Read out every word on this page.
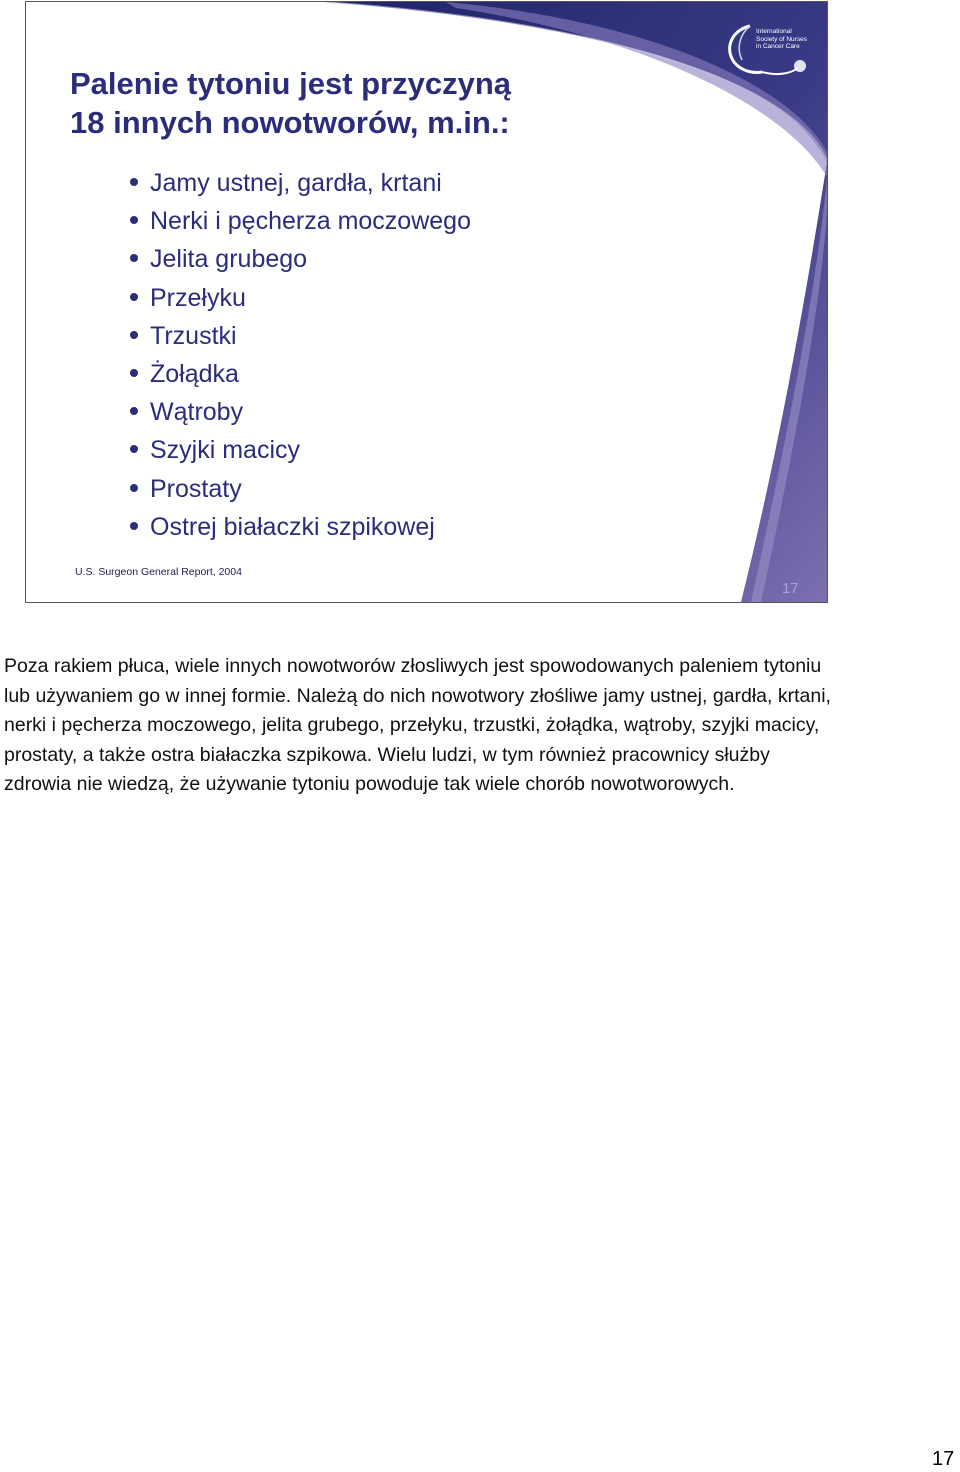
International
Society of Nurses
in Cancer Care
Palenie tytoniu jest przyczyną
18 innych nowotworów, m.in.:
Jamy ustnej, gardła, krtani
Nerki i pęcherza moczowego
Jelita grubego
Przełyku
Trzustki
Żołądka
Wątroby
Szyjki macicy
Prostaty
Ostrej białaczki szpikowej
U.S. Surgeon General Report, 2004
17

Poza rakiem płuca, wiele innych nowotworów złosliwych jest spowodowanych paleniem tytoniu lub używaniem go w innej formie. Należą do nich nowotwory złośliwe jamy ustnej, gardła, krtani, nerki i pęcherza moczowego, jelita grubego, przełyku, trzustki, żołądka, wątroby, szyjki macicy, prostaty, a także ostra białaczka szpikowa. Wielu ludzi, w tym również pracownicy służby zdrowia nie wiedzą, że używanie tytoniu powoduje tak wiele chorób nowotworowych.

17
